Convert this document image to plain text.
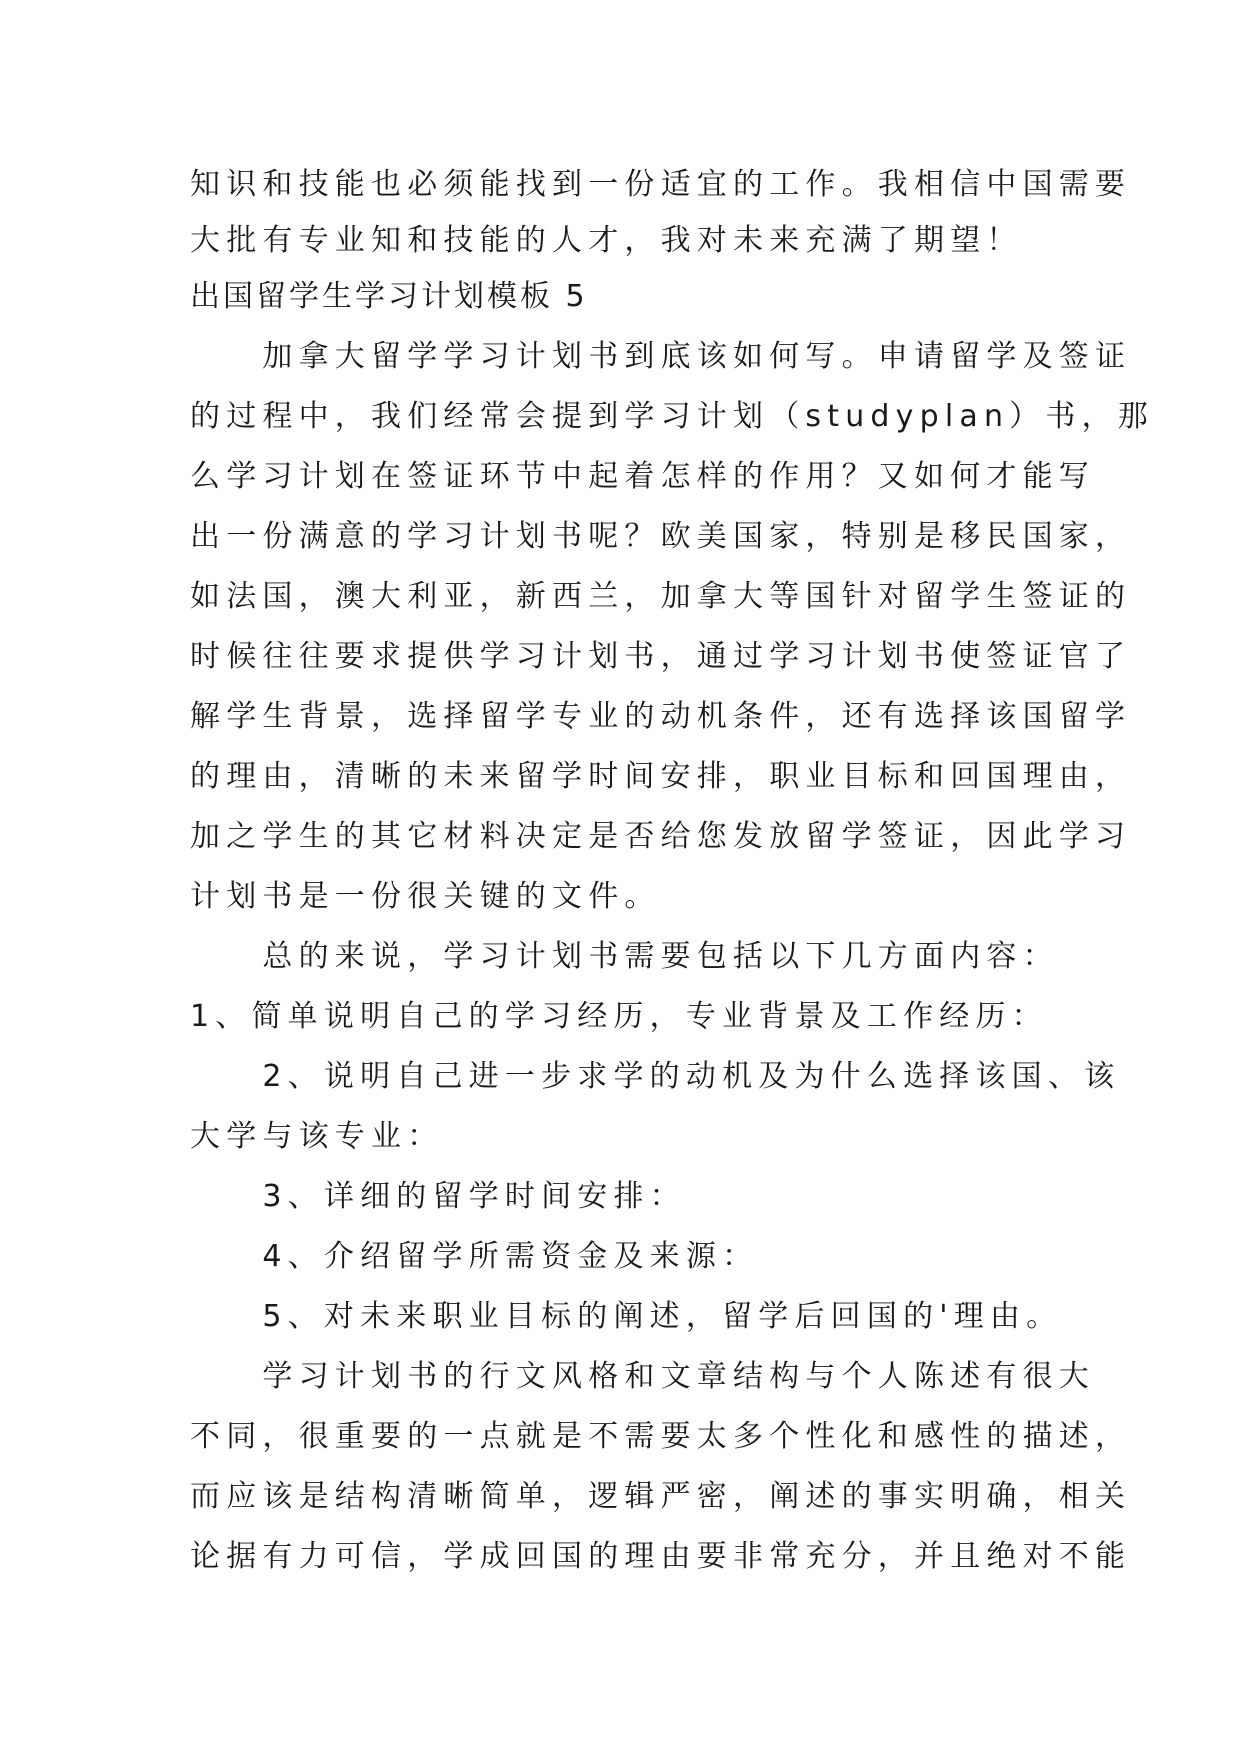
知识和技能也必须能找到一份适宜的工作。我相信中国需要
大批有专业知和技能的人才，我对未来充满了期望！
出国留学生学习计划模板 5
　　加拿大留学学习计划书到底该如何写。申请留学及签证
的过程中，我们经常会提到学习计划（studyplan）书，那
么学习计划在签证环节中起着怎样的作用？又如何才能写
出一份满意的学习计划书呢？欧美国家，特别是移民国家，
如法国，澳大利亚，新西兰，加拿大等国针对留学生签证的
时候往往要求提供学习计划书，通过学习计划书使签证官了
解学生背景，选择留学专业的动机条件，还有选择该国留学
的理由，清晰的未来留学时间安排，职业目标和回国理由，
加之学生的其它材料决定是否给您发放留学签证，因此学习
计划书是一份很关键的文件。
　　总的来说，学习计划书需要包括以下几方面内容：
1、简单说明自己的学习经历，专业背景及工作经历：
　　2、说明自己进一步求学的动机及为什么选择该国、该
大学与该专业：
　　3、详细的留学时间安排：
　　4、介绍留学所需资金及来源：
　　5、对未来职业目标的阐述，留学后回国的'理由。
　　学习计划书的行文风格和文章结构与个人陈述有很大
不同，很重要的一点就是不需要太多个性化和感性的描述，
而应该是结构清晰简单，逻辑严密，阐述的事实明确，相关
论据有力可信，学成回国的理由要非常充分，并且绝对不能
